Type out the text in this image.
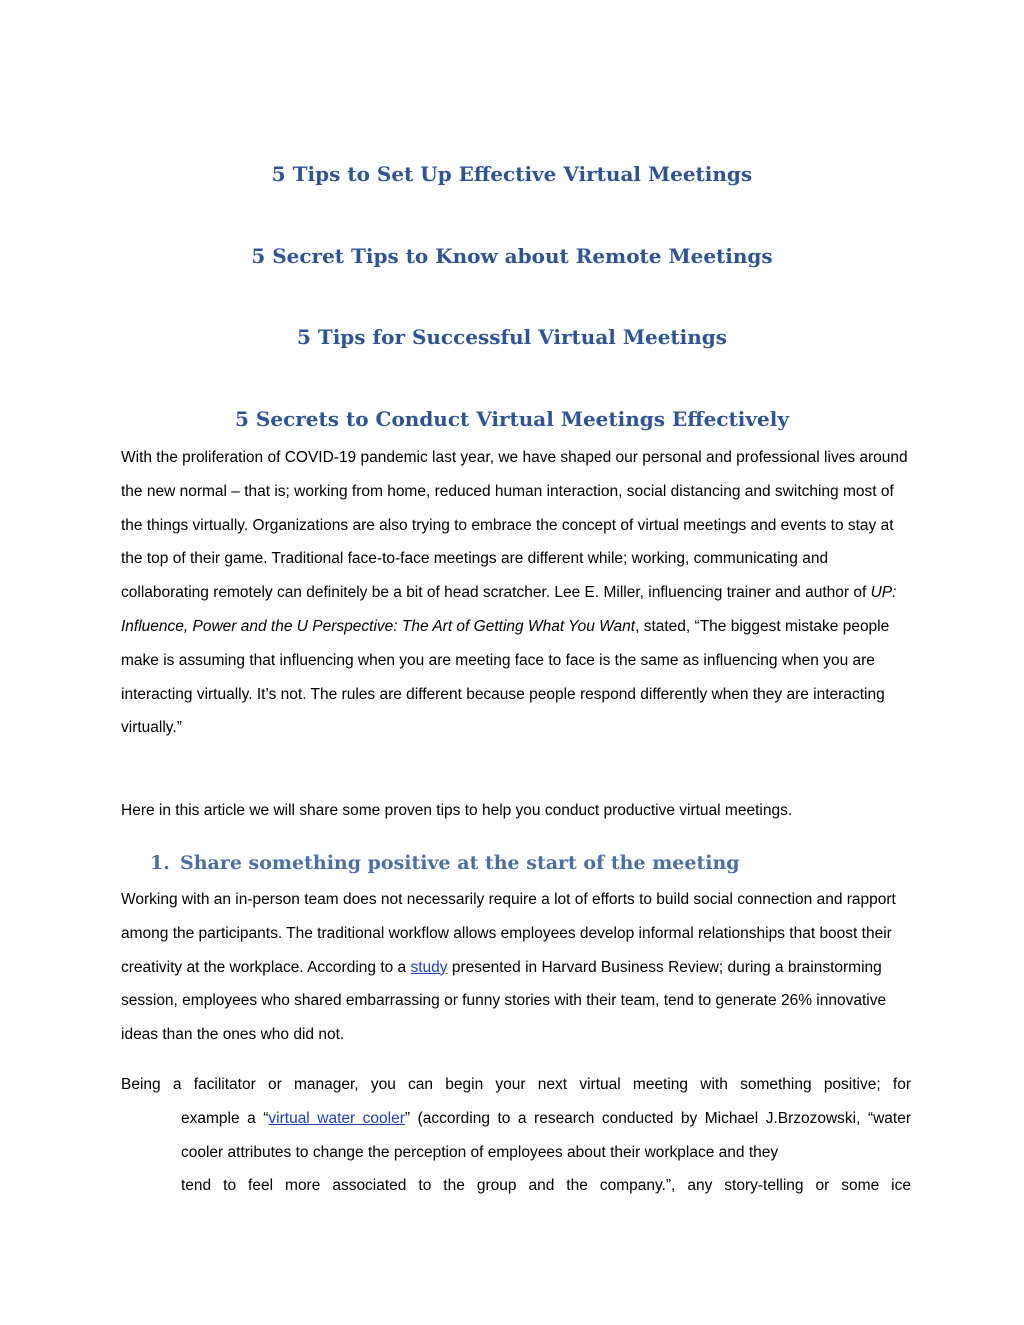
5 Tips to Set Up Effective Virtual Meetings
5 Secret Tips to Know about Remote Meetings
5 Tips for Successful Virtual Meetings
5 Secrets to Conduct Virtual Meetings Effectively

With the proliferation of COVID-19 pandemic last year, we have shaped our personal and professional lives around the new normal – that is; working from home, reduced human interaction, social distancing and switching most of the things virtually. Organizations are also trying to embrace the concept of virtual meetings and events to stay at the top of their game. Traditional face-to-face meetings are different while; working, communicating and collaborating remotely can definitely be a bit of head scratcher. Lee E. Miller, influencing trainer and author of UP: Influence, Power and the U Perspective: The Art of Getting What You Want, stated, “The biggest mistake people make is assuming that influencing when you are meeting face to face is the same as influencing when you are interacting virtually. It’s not. The rules are different because people respond differently when they are interacting virtually.”

Here in this article we will share some proven tips to help you conduct productive virtual meetings.

1. Share something positive at the start of the meeting

Working with an in-person team does not necessarily require a lot of efforts to build social connection and rapport among the participants. The traditional workflow allows employees develop informal relationships that boost their creativity at the workplace. According to a study presented in Harvard Business Review; during a brainstorming session, employees who shared embarrassing or funny stories with their team, tend to generate 26% innovative ideas than the ones who did not.

Being a facilitator or manager, you can begin your next virtual meeting with something positive; for
example a “virtual water cooler” (according to a research conducted by Michael J.Brzozowski, “water cooler attributes to change the perception of employees about their workplace and they
tend to feel more associated to the group and the company.”, any story-telling or some ice
